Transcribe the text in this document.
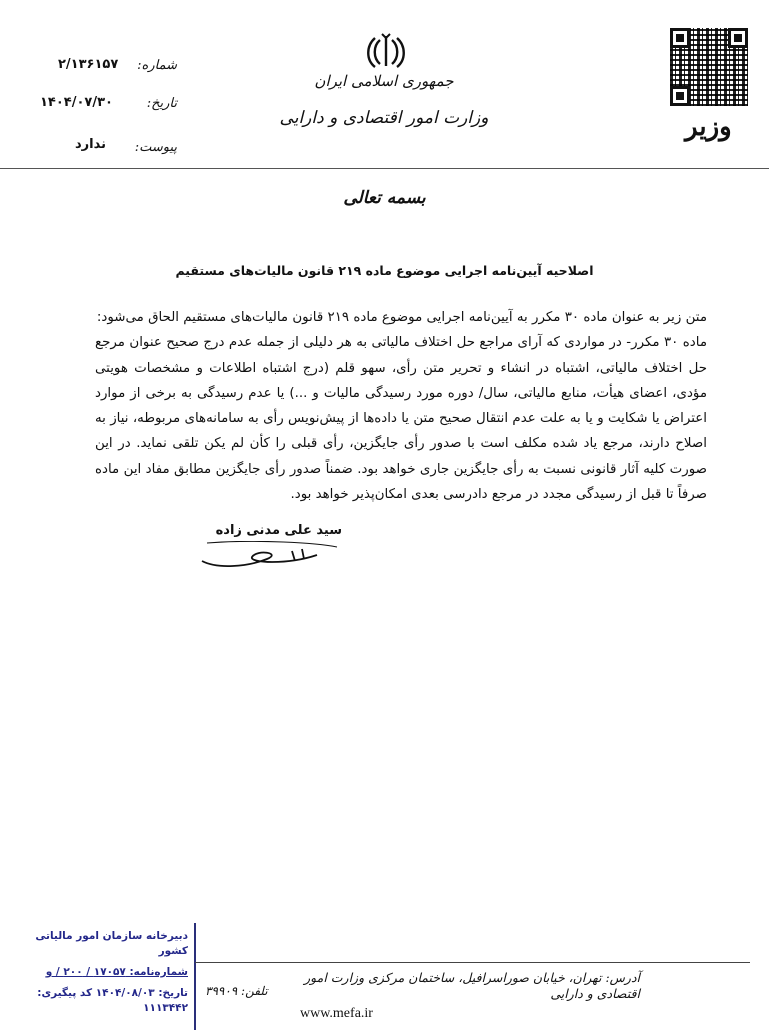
وزیر
جمهوری اسلامی ایران
وزارت امور اقتصادی و دارایی
شماره:
۲/۱۳۶۱۵۷
تاریخ:
۱۴۰۴/۰۷/۳۰
پیوست:
ندارد
بسمه تعالی
اصلاحیه آیین‌نامه اجرایی موضوع ماده ۲۱۹ قانون مالیات‌های مستقیم

متن زیر به عنوان ماده ۳۰ مکرر به آیین‌نامه اجرایی موضوع ماده ۲۱۹ قانون مالیات‌های مستقیم الحاق می‌شود:

ماده ۳۰ مکرر- در مواردی که آرای مراجع حل اختلاف مالیاتی به هر دلیلی از جمله عدم درج صحیح عنوان مرجع حل اختلاف مالیاتی، اشتباه در انشاء و تحریر متن رأی، سهو قلم (درج اشتباه اطلاعات و مشخصات هویتی مؤدی، اعضای هیأت، منابع مالیاتی، سال/ دوره مورد رسیدگی مالیات و ...) یا عدم رسیدگی به برخی از موارد اعتراض یا شکایت و یا به علت عدم انتقال صحیح متن یا داده‌ها از پیش‌نویس رأی به سامانه‌های مربوطه، نیاز به اصلاح دارند، مرجع یاد شده مکلف است با صدور رأی جایگزین، رأی قبلی را کأن لم یکن تلقی نماید. در این صورت کلیه آثار قانونی نسبت به رأی جایگزین جاری خواهد بود. ضمناً صدور رأی جایگزین مطابق مفاد این ماده صرفاً تا قبل از رسیدگی مجدد در مرجع دادرسی بعدی امکان‌پذیر خواهد بود.

سید علی مدنی زاده
دبیرخانه سازمان امور مالیاتی کشور
شماره‌نامه: ۱۷۰۵۷ / ۲۰۰ / و
تاریخ: ۱۴۰۴/۰۸/۰۳ کد پیگیری: ۱۱۱۳۴۴۲
آدرس: تهران، خیابان صوراسرافیل، ساختمان مرکزی وزارت امور اقتصادی و دارایی
تلفن: ۳۹۹۰۹
www.mefa.ir
